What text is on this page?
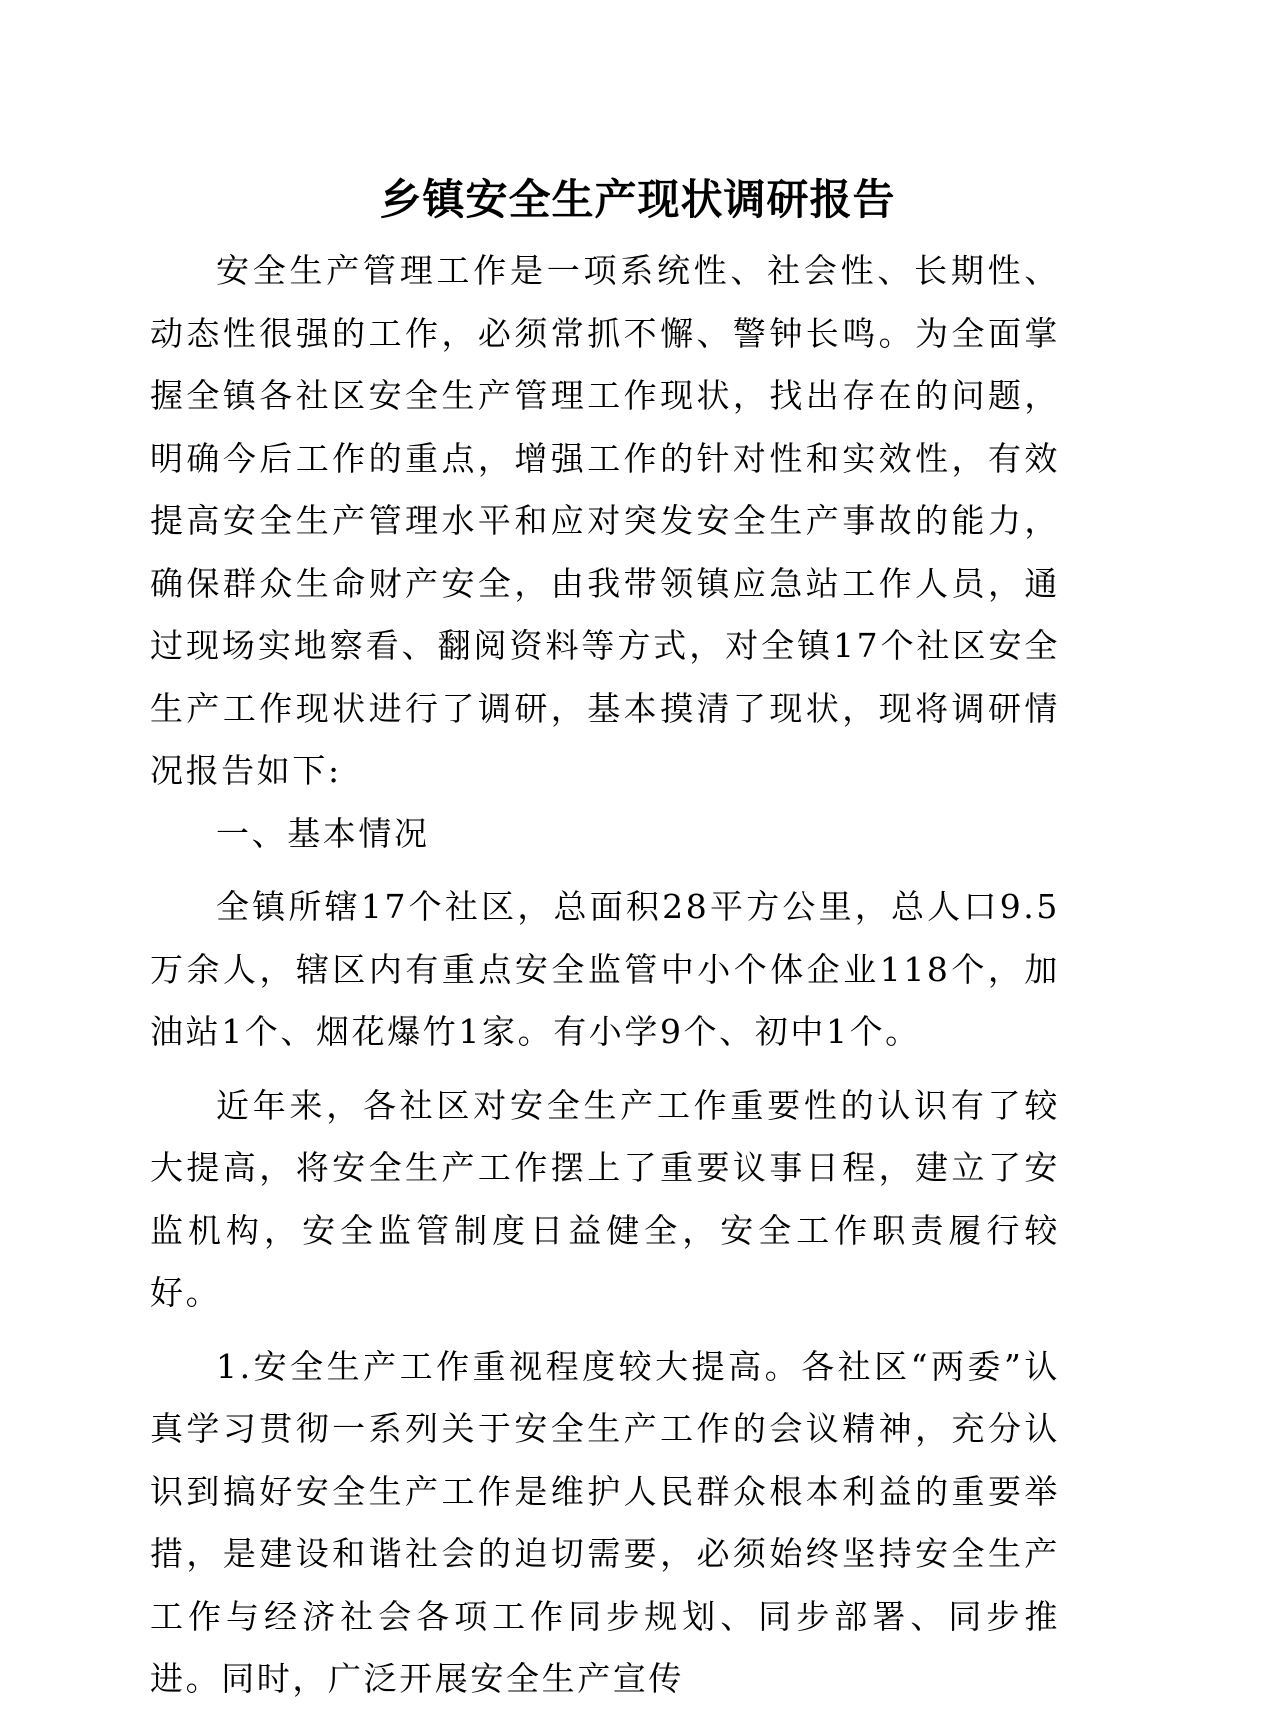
乡镇安全生产现状调研报告

安全生产管理工作是一项系统性、社会性、长期性、动态性很强的工作，必须常抓不懈、警钟长鸣。为全面掌握全镇各社区安全生产管理工作现状，找出存在的问题，明确今后工作的重点，增强工作的针对性和实效性，有效提高安全生产管理水平和应对突发安全生产事故的能力，确保群众生命财产安全，由我带领镇应急站工作人员，通过现场实地察看、翻阅资料等方式，对全镇17个社区安全生产工作现状进行了调研，基本摸清了现状，现将调研情况报告如下:

一、基本情况

全镇所辖17个社区，总面积28平方公里，总人口9.5万余人，辖区内有重点安全监管中小个体企业118个，加油站1个、烟花爆竹1家。有小学9个、初中1个。

近年来，各社区对安全生产工作重要性的认识有了较大提高，将安全生产工作摆上了重要议事日程，建立了安监机构，安全监管制度日益健全，安全工作职责履行较好。

1.安全生产工作重视程度较大提高。各社区“两委”认真学习贯彻一系列关于安全生产工作的会议精神，充分认识到搞好安全生产工作是维护人民群众根本利益的重要举措，是建设和谐社会的迫切需要，必须始终坚持安全生产工作与经济社会各项工作同步规划、同步部署、同步推进。同时，广泛开展安全生产宣传
